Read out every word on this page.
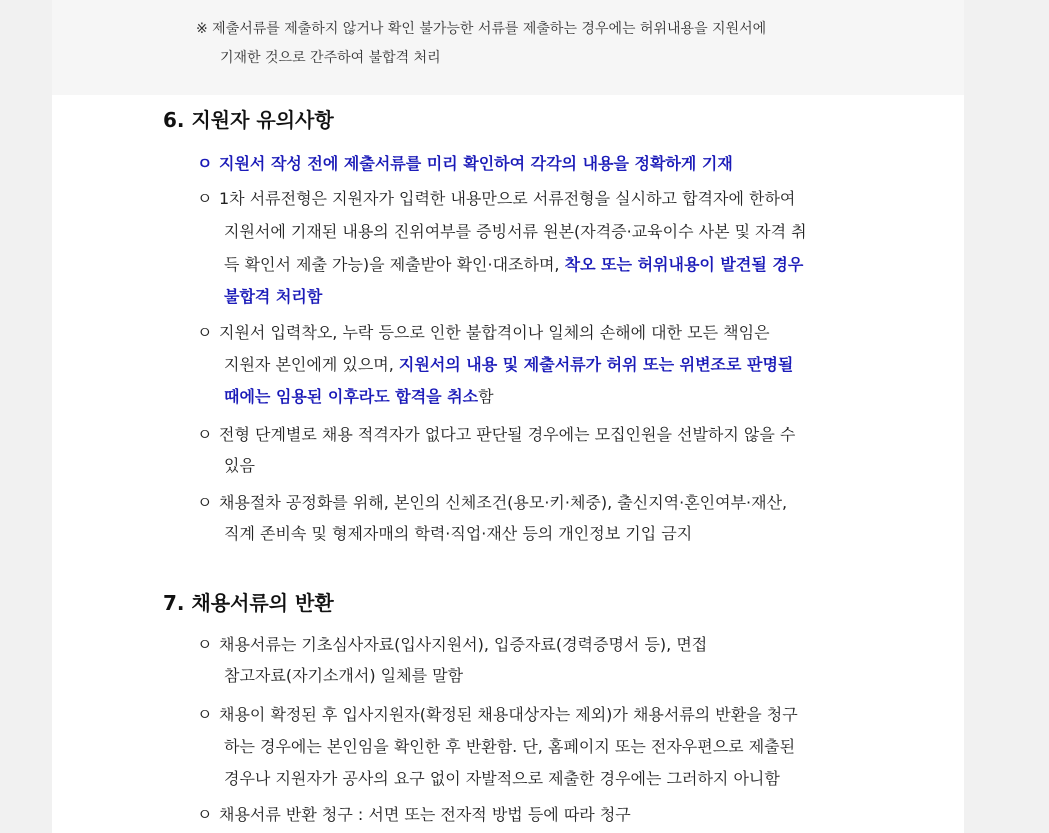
※ 제출서류를 제출하지 않거나 확인 불가능한 서류를 제출하는 경우에는 허위내용을 지원서에
기재한 것으로 간주하여 불합격 처리
6. 지원자 유의사항
ㅇ 지원서 작성 전에 제출서류를 미리 확인하여 각각의 내용을 정확하게 기재
ㅇ 1차 서류전형은 지원자가 입력한 내용만으로 서류전형을 실시하고 합격자에 한하여
지원서에 기재된 내용의 진위여부를 증빙서류 원본(자격증·교육이수 사본 및 자격 취
득 확인서 제출 가능)을 제출받아 확인·대조하며, 착오 또는 허위내용이 발견될 경우
불합격 처리함
ㅇ 지원서 입력착오, 누락 등으로 인한 불합격이나 일체의 손해에 대한 모든 책임은
지원자 본인에게 있으며, 지원서의 내용 및 제출서류가 허위 또는 위변조로 판명될
때에는 임용된 이후라도 합격을 취소함
ㅇ 전형 단계별로 채용 적격자가 없다고 판단될 경우에는 모집인원을 선발하지 않을 수
있음
ㅇ 채용절차 공정화를 위해, 본인의 신체조건(용모·키·체중), 출신지역·혼인여부·재산,
직계 존비속 및 형제자매의 학력·직업·재산 등의 개인정보 기입 금지
7. 채용서류의 반환
ㅇ 채용서류는 기초심사자료(입사지원서), 입증자료(경력증명서 등), 면접
참고자료(자기소개서) 일체를 말함
ㅇ 채용이 확정된 후 입사지원자(확정된 채용대상자는 제외)가 채용서류의 반환을 청구
하는 경우에는 본인임을 확인한 후 반환함. 단, 홈페이지 또는 전자우편으로 제출된
경우나 지원자가 공사의 요구 없이 자발적으로 제출한 경우에는 그러하지 아니함
ㅇ 채용서류 반환 청구 : 서면 또는 전자적 방법 등에 따라 청구
